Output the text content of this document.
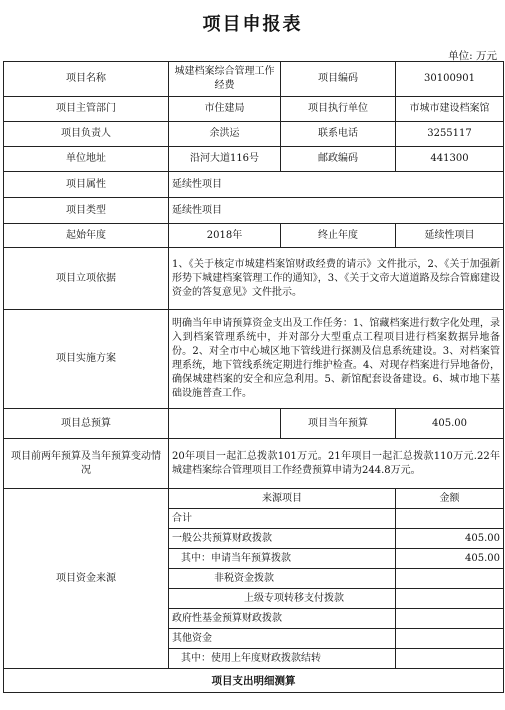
项目申报表
单位: 万元
项目名称	城建档案综合管理工作经费	项目编码	30100901
项目主管部门	市住建局	项目执行单位	市城市建设档案馆
项目负责人	余洪运	联系电话	3255117
单位地址	沿河大道116号	邮政编码	441300
项目属性	延续性项目		
项目类型	延续性项目		
起始年度	2018年	终止年度	延续性项目
项目立项依据	1、《关于核定市城建档案馆财政经费的请示》文件批示，2、《关于加强新形势下城建档案管理工作的通知》，3、《关于文帝大道道路及综合管廊建设资金的答复意见》文件批示。		
项目实施方案	明确当年申请预算资金支出及工作任务：1、馆藏档案进行数字化处理，录入到档案管理系统中，并对部分大型重点工程项目进行档案数据异地备份。2、对全市中心城区地下管线进行探测及信息系统建设。3、对档案管理系统，地下管线系统定期进行维护检查。4、对现存档案进行异地备份，确保城建档案的安全和应急利用。5、新馆配套设备建设。6、城市地下基础设施普查工作。		
项目总预算		项目当年预算	405.00
项目前两年预算及当年预算变动情况	20年项目一起汇总拨款101万元。21年项目一起汇总拨款110万元.22年城建档案综合管理项目工作经费预算申请为244.8万元。		
项目资金来源	来源项目		金额
	合计		
	一般公共预算财政拨款		405.00
	其中：申请当年预算拨款		405.00
	非税资金拨款		
	上级专项转移支付拨款		
	政府性基金预算财政拨款		
	其他资金		
	其中：使用上年度财政拨款结转		
项目支出明细测算			
